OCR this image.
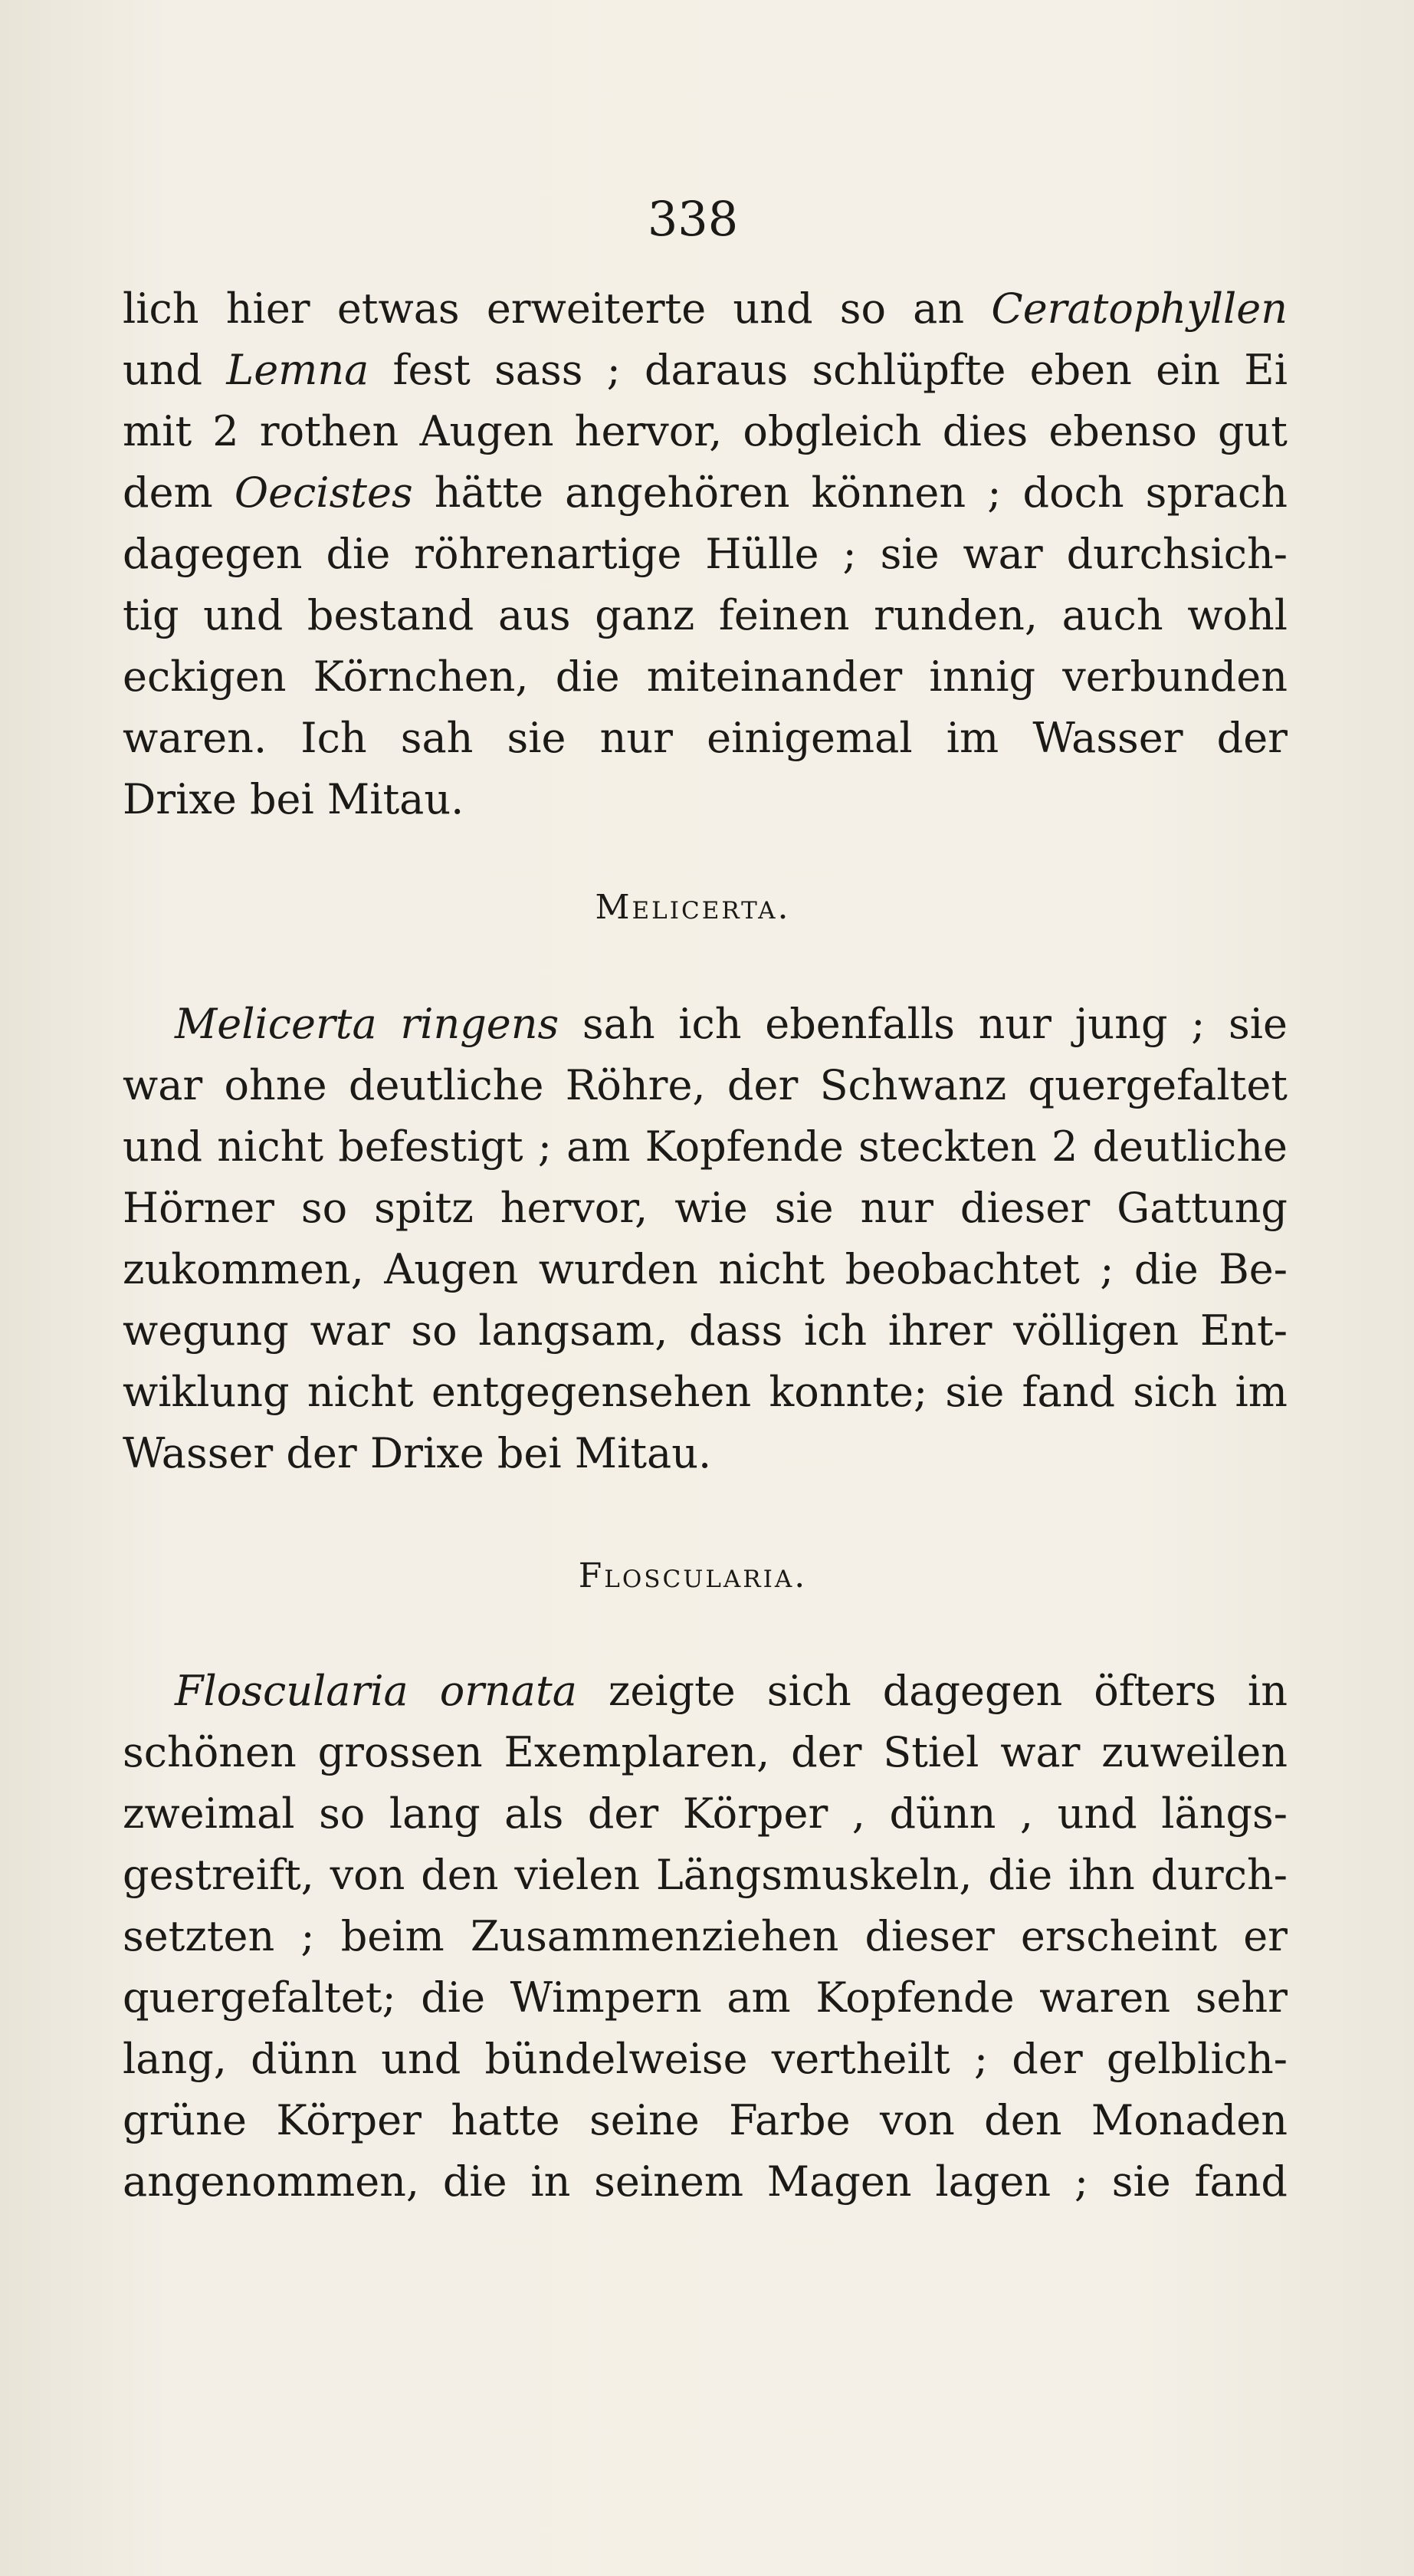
338
lich hier etwas erweiterte und so an Ceratophyllen
und Lemna fest sass ; daraus schlüpfte eben ein Ei
mit 2 rothen Augen hervor, obgleich dies ebenso gut
dem Oecistes hätte angehören können ; doch sprach
dagegen die röhrenartige Hülle ; sie war durchsich-
tig und bestand aus ganz feinen runden, auch wohl
eckigen Körnchen, die miteinander innig verbunden
waren. Ich sah sie nur einigemal im Wasser der
Drixe bei Mitau.
Melicerta.
Melicerta ringens sah ich ebenfalls nur jung ; sie
war ohne deutliche Röhre, der Schwanz quergefaltet
und nicht befestigt ; am Kopfende steckten 2 deutliche
Hörner so spitz hervor, wie sie nur dieser Gattung
zukommen, Augen wurden nicht beobachtet ; die Be-
wegung war so langsam, dass ich ihrer völligen Ent-
wiklung nicht entgegensehen konnte; sie fand sich im
Wasser der Drixe bei Mitau.
Floscularia.
Floscularia ornata zeigte sich dagegen öfters in
schönen grossen Exemplaren, der Stiel war zuweilen
zweimal so lang als der Körper , dünn , und längs-
gestreift, von den vielen Längsmuskeln, die ihn durch-
setzten ; beim Zusammenziehen dieser erscheint er
quergefaltet; die Wimpern am Kopfende waren sehr
lang, dünn und bündelweise vertheilt ; der gelblich-
grüne Körper hatte seine Farbe von den Monaden
angenommen, die in seinem Magen lagen ; sie fand
